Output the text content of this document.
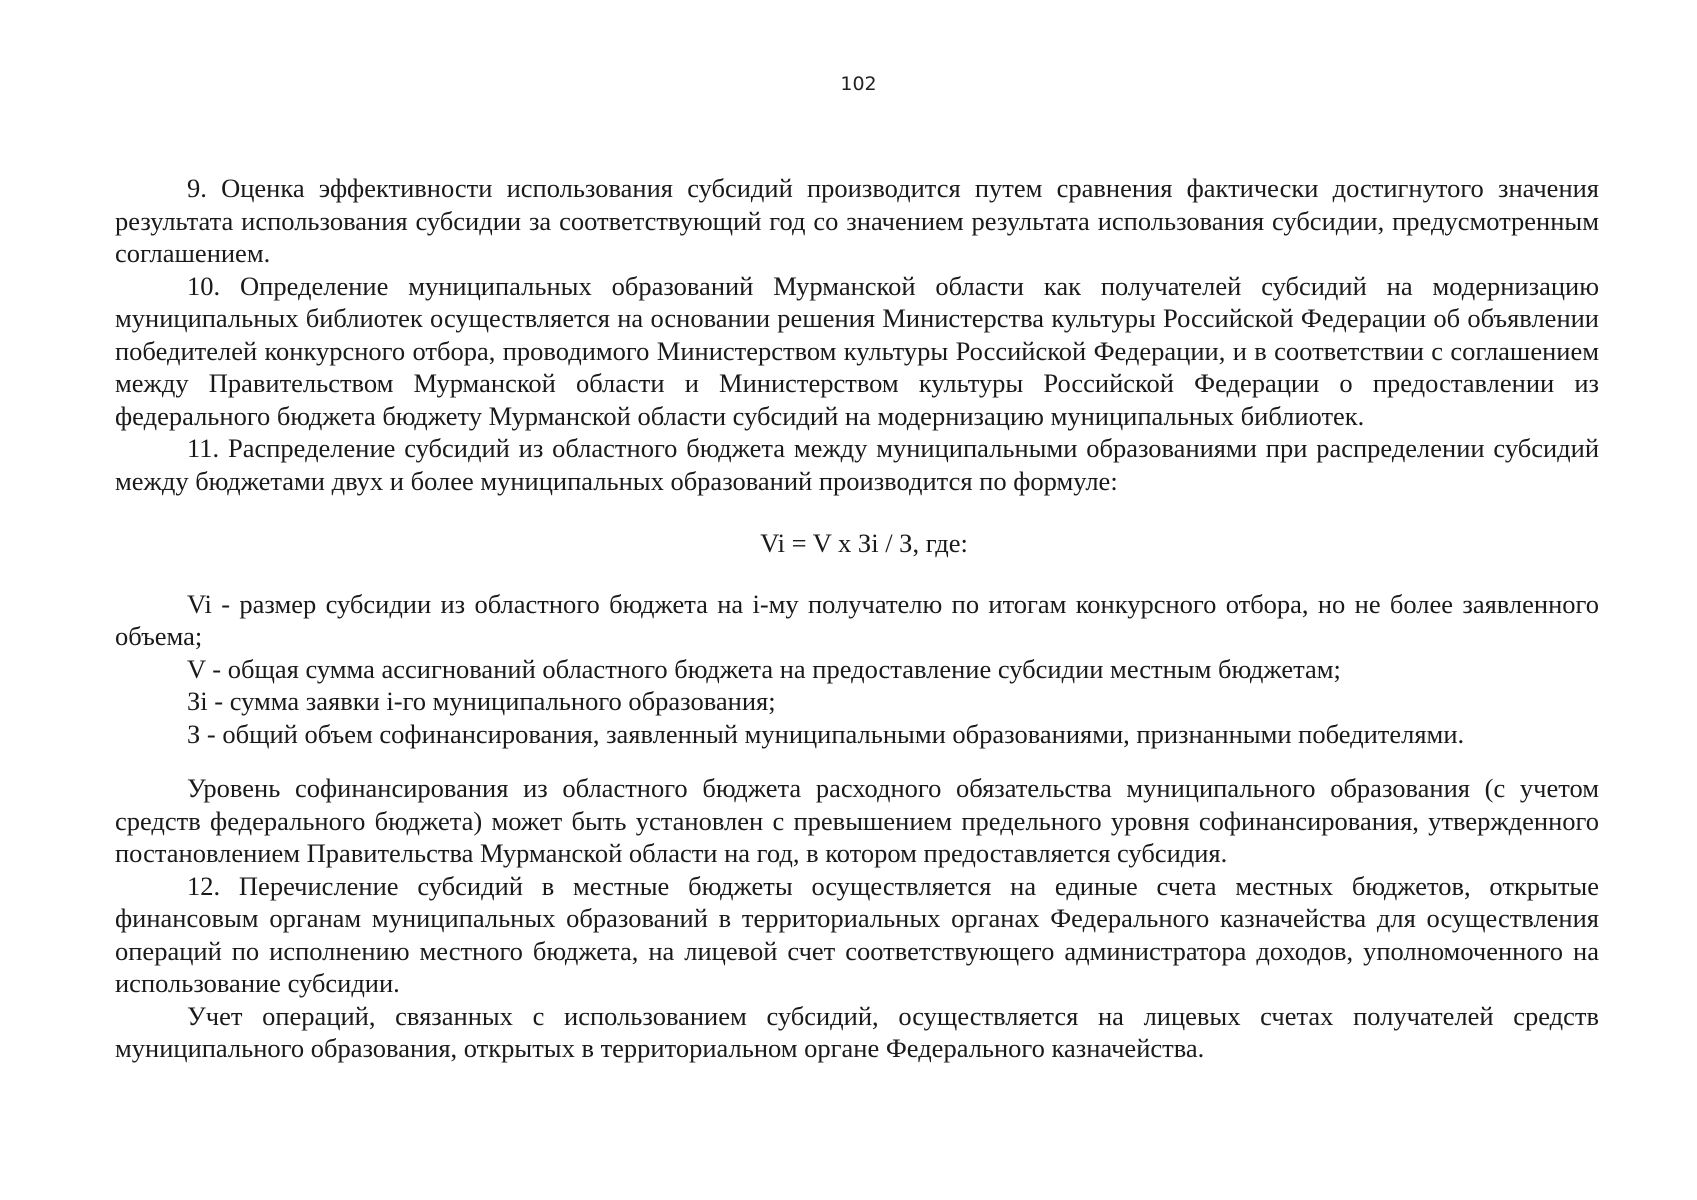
102

9. Оценка эффективности использования субсидий производится путем сравнения фактически достигнутого значения результата использования субсидии за соответствующий год со значением результата использования субсидии, предусмотренным соглашением.

10. Определение муниципальных образований Мурманской области как получателей субсидий на модернизацию муниципальных библиотек осуществляется на основании решения Министерства культуры Российской Федерации об объявлении победителей конкурсного отбора, проводимого Министерством культуры Российской Федерации, и в соответствии с соглашением между Правительством Мурманской области и Министерством культуры Российской Федерации о предоставлении из федерального бюджета бюджету Мурманской области субсидий на модернизацию муниципальных библиотек.

11. Распределение субсидий из областного бюджета между муниципальными образованиями при распределении субсидий между бюджетами двух и более муниципальных образований производится по формуле:

Vi = V x Зi / З, где:

Vi - размер субсидии из областного бюджета на i-му получателю по итогам конкурсного отбора, но не более заявленного объема;

V - общая сумма ассигнований областного бюджета на предоставление субсидии местным бюджетам;

Зi - сумма заявки i-го муниципального образования;

З - общий объем софинансирования, заявленный муниципальными образованиями, признанными победителями.

Уровень софинансирования из областного бюджета расходного обязательства муниципального образования (с учетом средств федерального бюджета) может быть установлен с превышением предельного уровня софинансирования, утвержденного постановлением Правительства Мурманской области на год, в котором предоставляется субсидия.

12. Перечисление субсидий в местные бюджеты осуществляется на единые счета местных бюджетов, открытые финансовым органам муниципальных образований в территориальных органах Федерального казначейства для осуществления операций по исполнению местного бюджета, на лицевой счет соответствующего администратора доходов, уполномоченного на использование субсидии.

Учет операций, связанных с использованием субсидий, осуществляется на лицевых счетах получателей средств муниципального образования, открытых в территориальном органе Федерального казначейства.
